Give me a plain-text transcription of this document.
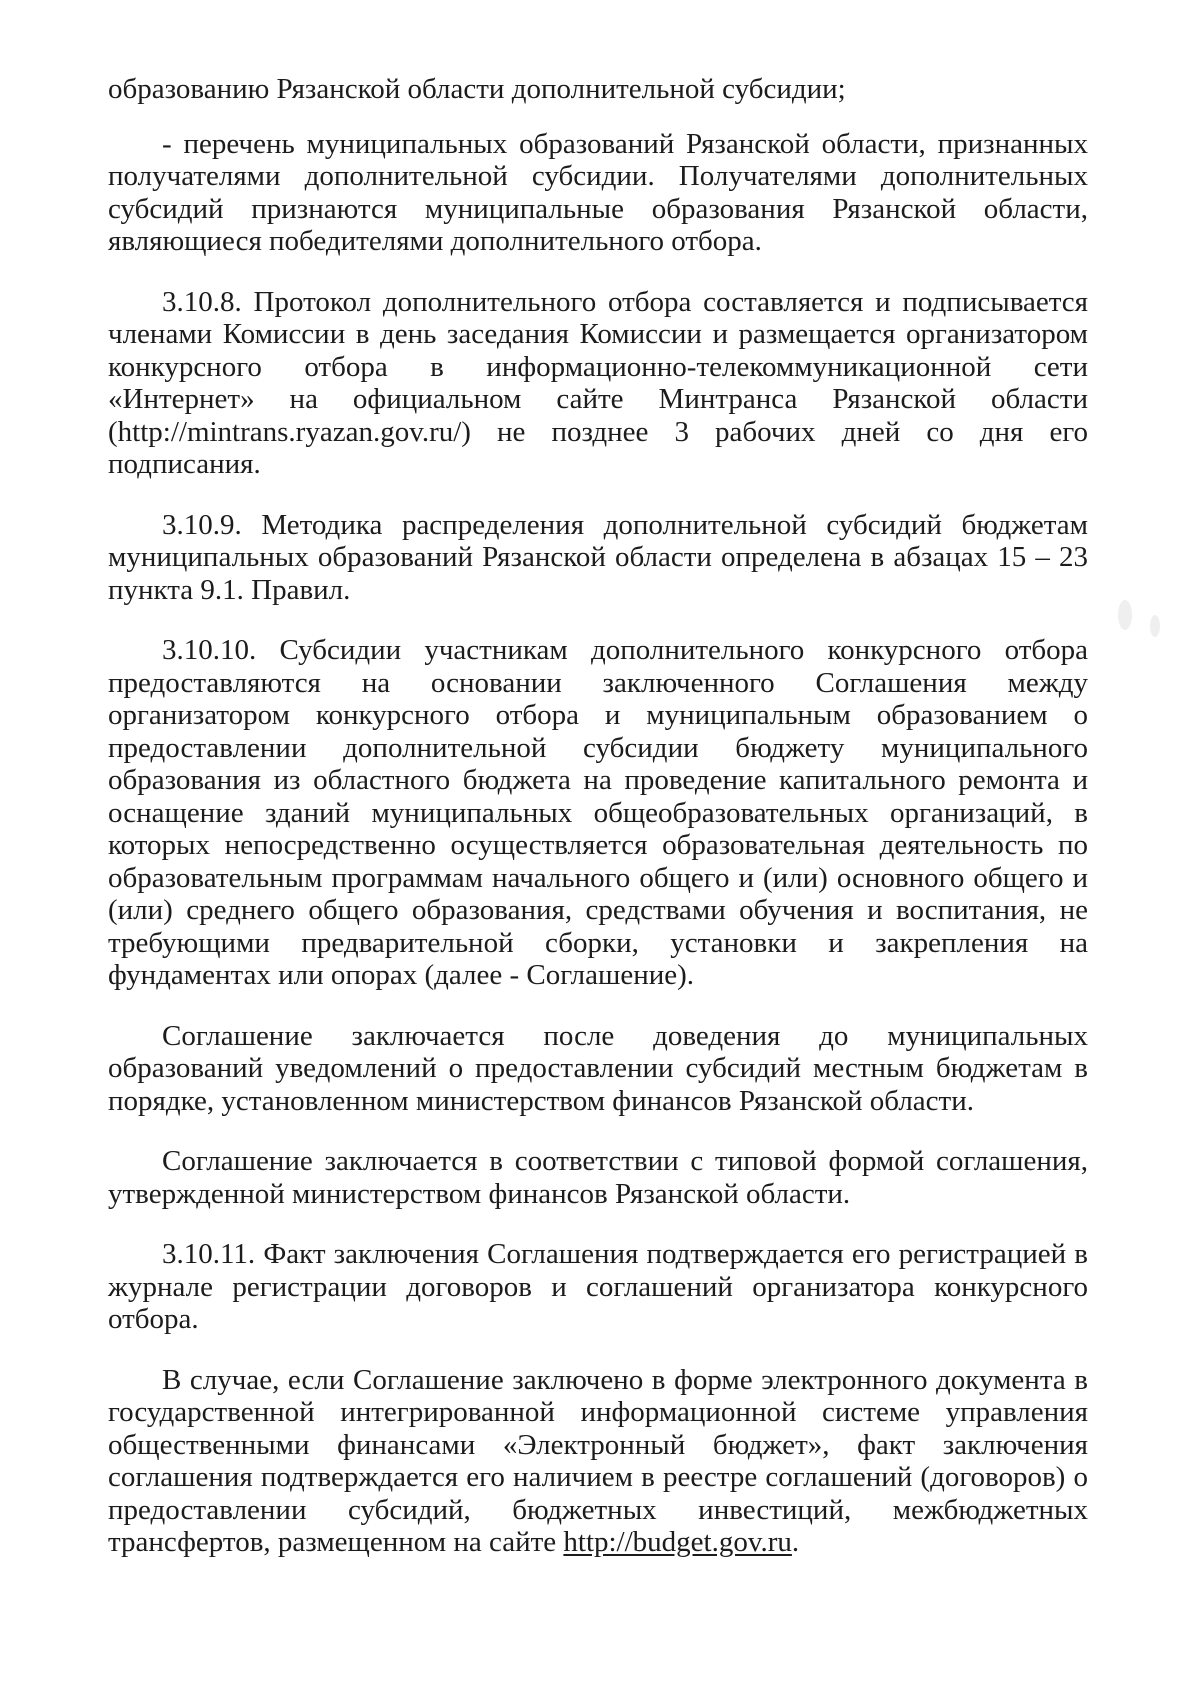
образованию Рязанской области дополнительной субсидии;

- перечень муниципальных образований Рязанской области, признанных получателями дополнительной субсидии. Получателями дополнительных субсидий признаются муниципальные образования Рязанской области, являющиеся победителями дополнительного отбора.

3.10.8. Протокол дополнительного отбора составляется и подписывается членами Комиссии в день заседания Комиссии и размещается организатором конкурсного отбора в информационно-телекоммуникационной сети «Интернет» на официальном сайте Минтранса Рязанской области (http://mintrans.ryazan.gov.ru/) не позднее 3 рабочих дней со дня его подписания.

3.10.9. Методика распределения дополнительной субсидий бюджетам муниципальных образований Рязанской области определена в абзацах 15 – 23 пункта 9.1. Правил.

3.10.10. Субсидии участникам дополнительного конкурсного отбора предоставляются на основании заключенного Соглашения между организатором конкурсного отбора и муниципальным образованием о предоставлении дополнительной субсидии бюджету муниципального образования из областного бюджета на проведение капитального ремонта и оснащение зданий муниципальных общеобразовательных организаций, в которых непосредственно осуществляется образовательная деятельность по образовательным программам начального общего и (или) основного общего и (или) среднего общего образования, средствами обучения и воспитания, не требующими предварительной сборки, установки и закрепления на фундаментах или опорах (далее - Соглашение).

Соглашение заключается после доведения до муниципальных образований уведомлений о предоставлении субсидий местным бюджетам в порядке, установленном министерством финансов Рязанской области.

Соглашение заключается в соответствии с типовой формой соглашения, утвержденной министерством финансов Рязанской области.

3.10.11. Факт заключения Соглашения подтверждается его регистрацией в журнале регистрации договоров и соглашений организатора конкурсного отбора.

В случае, если Соглашение заключено в форме электронного документа в государственной интегрированной информационной системе управления общественными финансами «Электронный бюджет», факт заключения соглашения подтверждается его наличием в реестре соглашений (договоров) о предоставлении субсидий, бюджетных инвестиций, межбюджетных трансфертов, размещенном на сайте http://budget.gov.ru.
